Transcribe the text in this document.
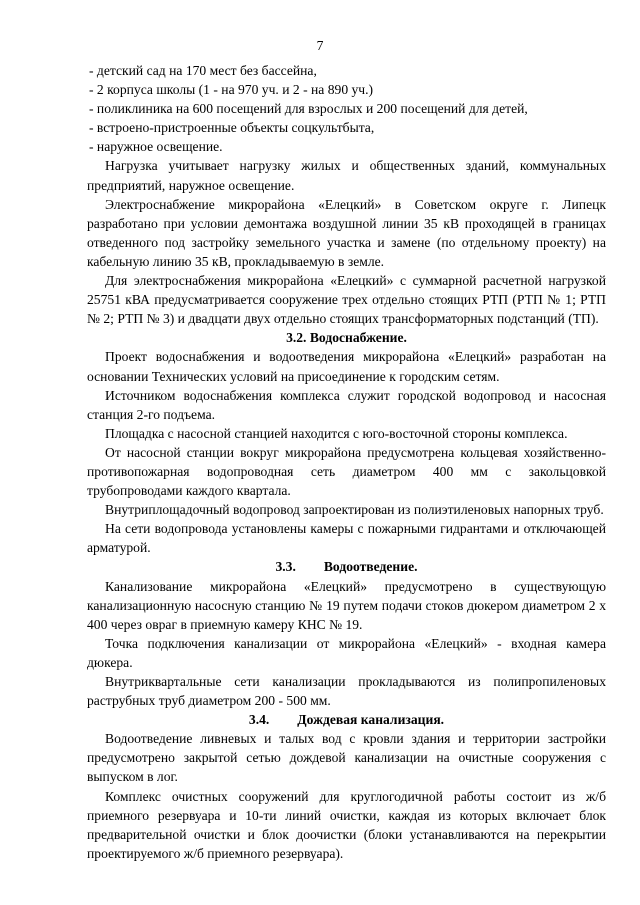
7

- детский сад на 170 мест без бассейна,

- 2 корпуса школы (1 - на 970 уч. и 2 - на 890 уч.)

- поликлиника на 600 посещений для взрослых и 200 посещений для детей,

- встроено-пристроенные объекты соцкультбыта,

- наружное освещение.

Нагрузка учитывает нагрузку жилых и общественных зданий, коммунальных предприятий, наружное освещение.

Электроснабжение микрорайона «Елецкий» в Советском округе г. Липецк разработано при условии демонтажа воздушной линии 35 кВ проходящей в границах отведенного под застройку земельного участка и замене (по отдельному проекту) на кабельную линию 35 кВ, прокладываемую в земле.

Для электроснабжения микрорайона «Елецкий» с суммарной расчетной нагрузкой 25751 кВА предусматривается сооружение трех отдельно стоящих РТП (РТП № 1; РТП № 2; РТП № 3) и двадцати двух отдельно стоящих трансформаторных подстанций (ТП).

3.2. Водоснабжение.

Проект водоснабжения и водоотведения микрорайона «Елецкий» разработан на основании Технических условий на присоединение к городским сетям.

Источником водоснабжения комплекса служит городской водопровод и насосная станция 2-го подъема.

Площадка с насосной станцией находится с юго-восточной стороны комплекса.

От насосной станции вокруг микрорайона предусмотрена кольцевая хозяйственно- противопожарная водопроводная сеть диаметром 400 мм с закольцовкой трубопроводами каждого квартала.

Внутриплощадочный водопровод запроектирован из полиэтиленовых напорных труб.

На сети водопровода установлены камеры с пожарными гидрантами и отключающей арматурой.

3.3. Водоотведение.

Канализование микрорайона «Елецкий» предусмотрено в существующую канализационную насосную станцию № 19 путем подачи стоков дюкером диаметром 2 х 400 через овраг в приемную камеру КНС № 19.

Точка подключения канализации от микрорайона «Елецкий» - входная камера дюкера.

Внутриквартальные сети канализации прокладываются из полипропиленовых раструбных труб диаметром 200 - 500 мм.

3.4. Дождевая канализация.

Водоотведение ливневых и талых вод с кровли здания и территории застройки предусмотрено закрытой сетью дождевой канализации на очистные сооружения с выпуском в лог.

Комплекс очистных сооружений для круглогодичной работы состоит из ж/б приемного резервуара и 10-ти линий очистки, каждая из которых включает блок предварительной очистки и блок доочистки (блоки устанавливаются на перекрытии проектируемого ж/б приемного резервуара).
